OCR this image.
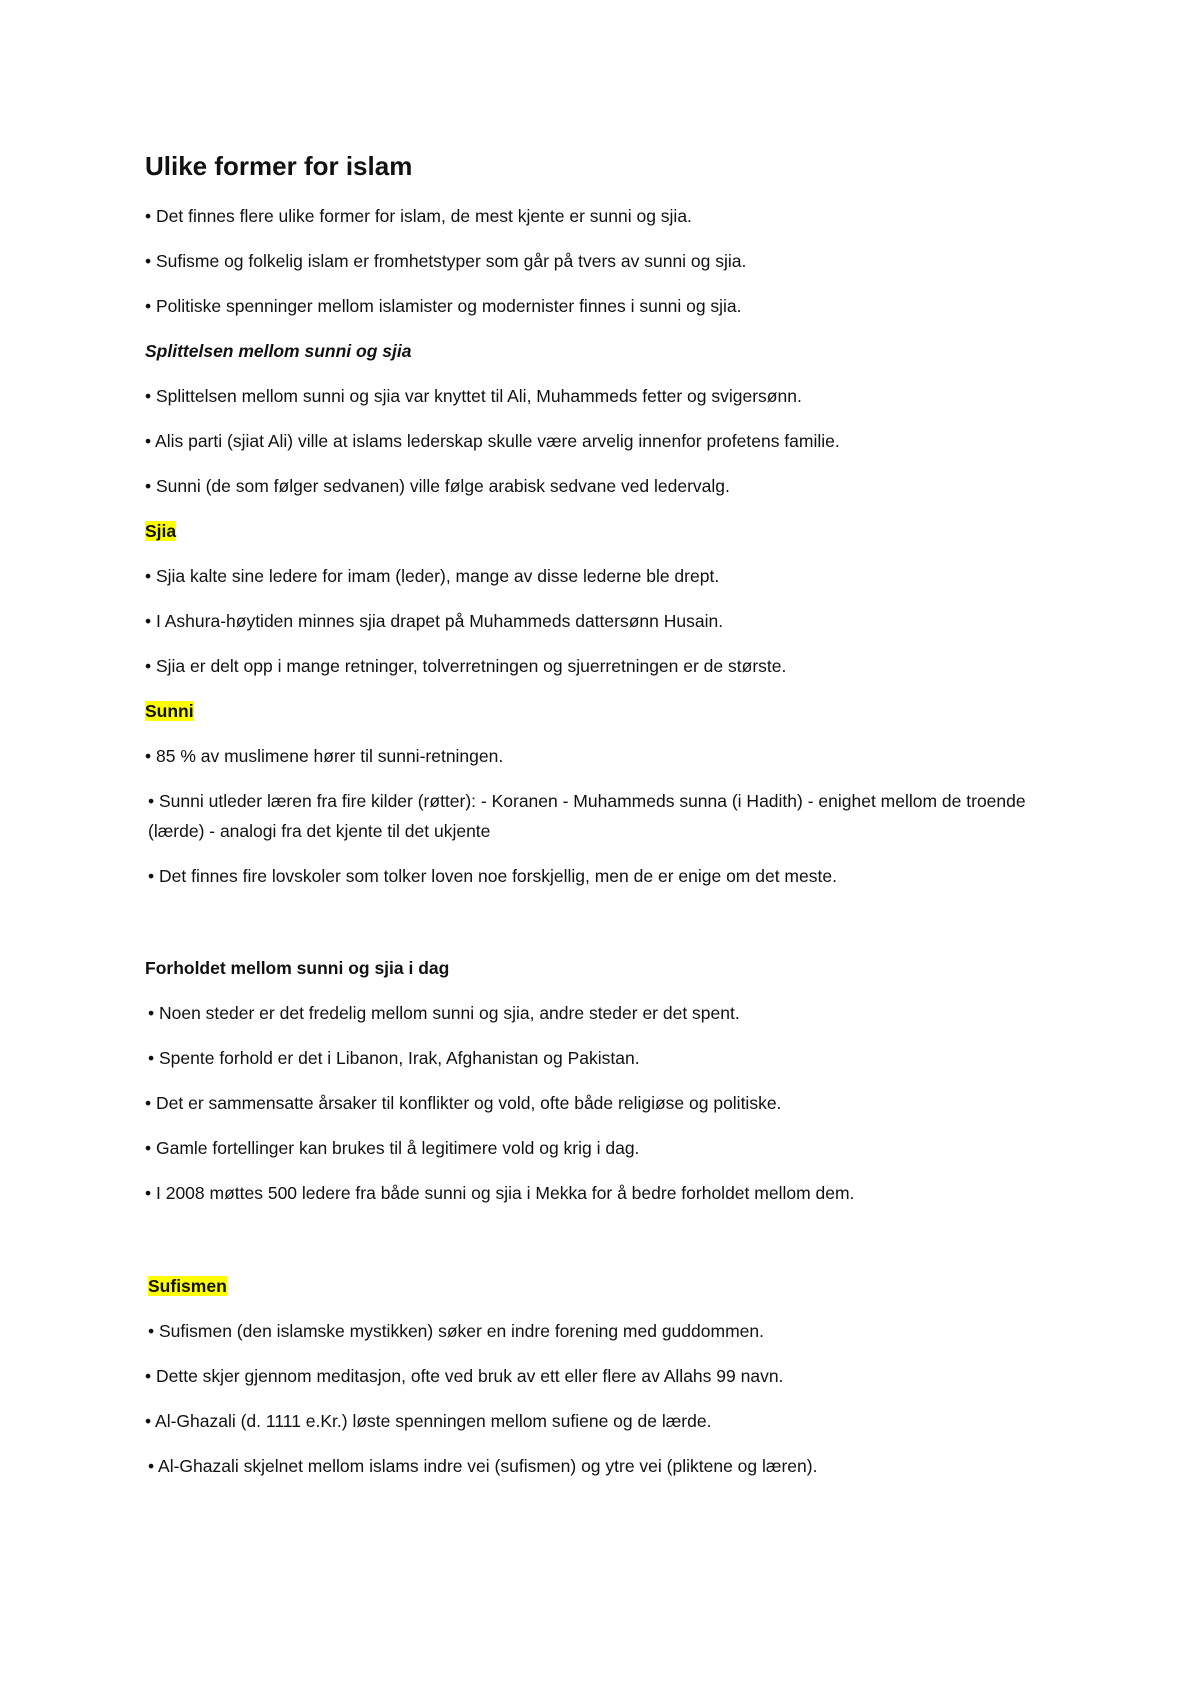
Ulike former for islam
• Det finnes flere ulike former for islam, de mest kjente er sunni og sjia.
• Sufisme og folkelig islam er fromhetstyper som går på tvers av sunni og sjia.
• Politiske spenninger mellom islamister og modernister finnes i sunni og sjia.
Splittelsen mellom sunni og sjia
• Splittelsen mellom sunni og sjia var knyttet til Ali, Muhammeds fetter og svigersønn.
• Alis parti (sjiat Ali) ville at islams lederskap skulle være arvelig innenfor profetens familie.
• Sunni (de som følger sedvanen) ville følge arabisk sedvane ved ledervalg.
Sjia
• Sjia kalte sine ledere for imam (leder), mange av disse lederne ble drept.
• I Ashura-høytiden minnes sjia drapet på Muhammeds dattersønn Husain.
• Sjia er delt opp i mange retninger, tolverretningen og sjuerretningen er de største.
Sunni
• 85 % av muslimene hører til sunni-retningen.
• Sunni utleder læren fra fire kilder (røtter): - Koranen - Muhammeds sunna (i Hadith) - enighet mellom de troende (lærde) - analogi fra det kjente til det ukjente
• Det finnes fire lovskoler som tolker loven noe forskjellig, men de er enige om det meste.
Forholdet mellom sunni og sjia i dag
• Noen steder er det fredelig mellom sunni og sjia, andre steder er det spent.
• Spente forhold er det i Libanon, Irak, Afghanistan og Pakistan.
• Det er sammensatte årsaker til konflikter og vold, ofte både religiøse og politiske.
• Gamle fortellinger kan brukes til å legitimere vold og krig i dag.
• I 2008 møttes 500 ledere fra både sunni og sjia i Mekka for å bedre forholdet mellom dem.
Sufismen
• Sufismen (den islamske mystikken) søker en indre forening med guddommen.
• Dette skjer gjennom meditasjon, ofte ved bruk av ett eller flere av Allahs 99 navn.
• Al-Ghazali (d. 1111 e.Kr.) løste spenningen mellom sufiene og de lærde.
• Al-Ghazali skjelnet mellom islams indre vei (sufismen) og ytre vei (pliktene og læren).
